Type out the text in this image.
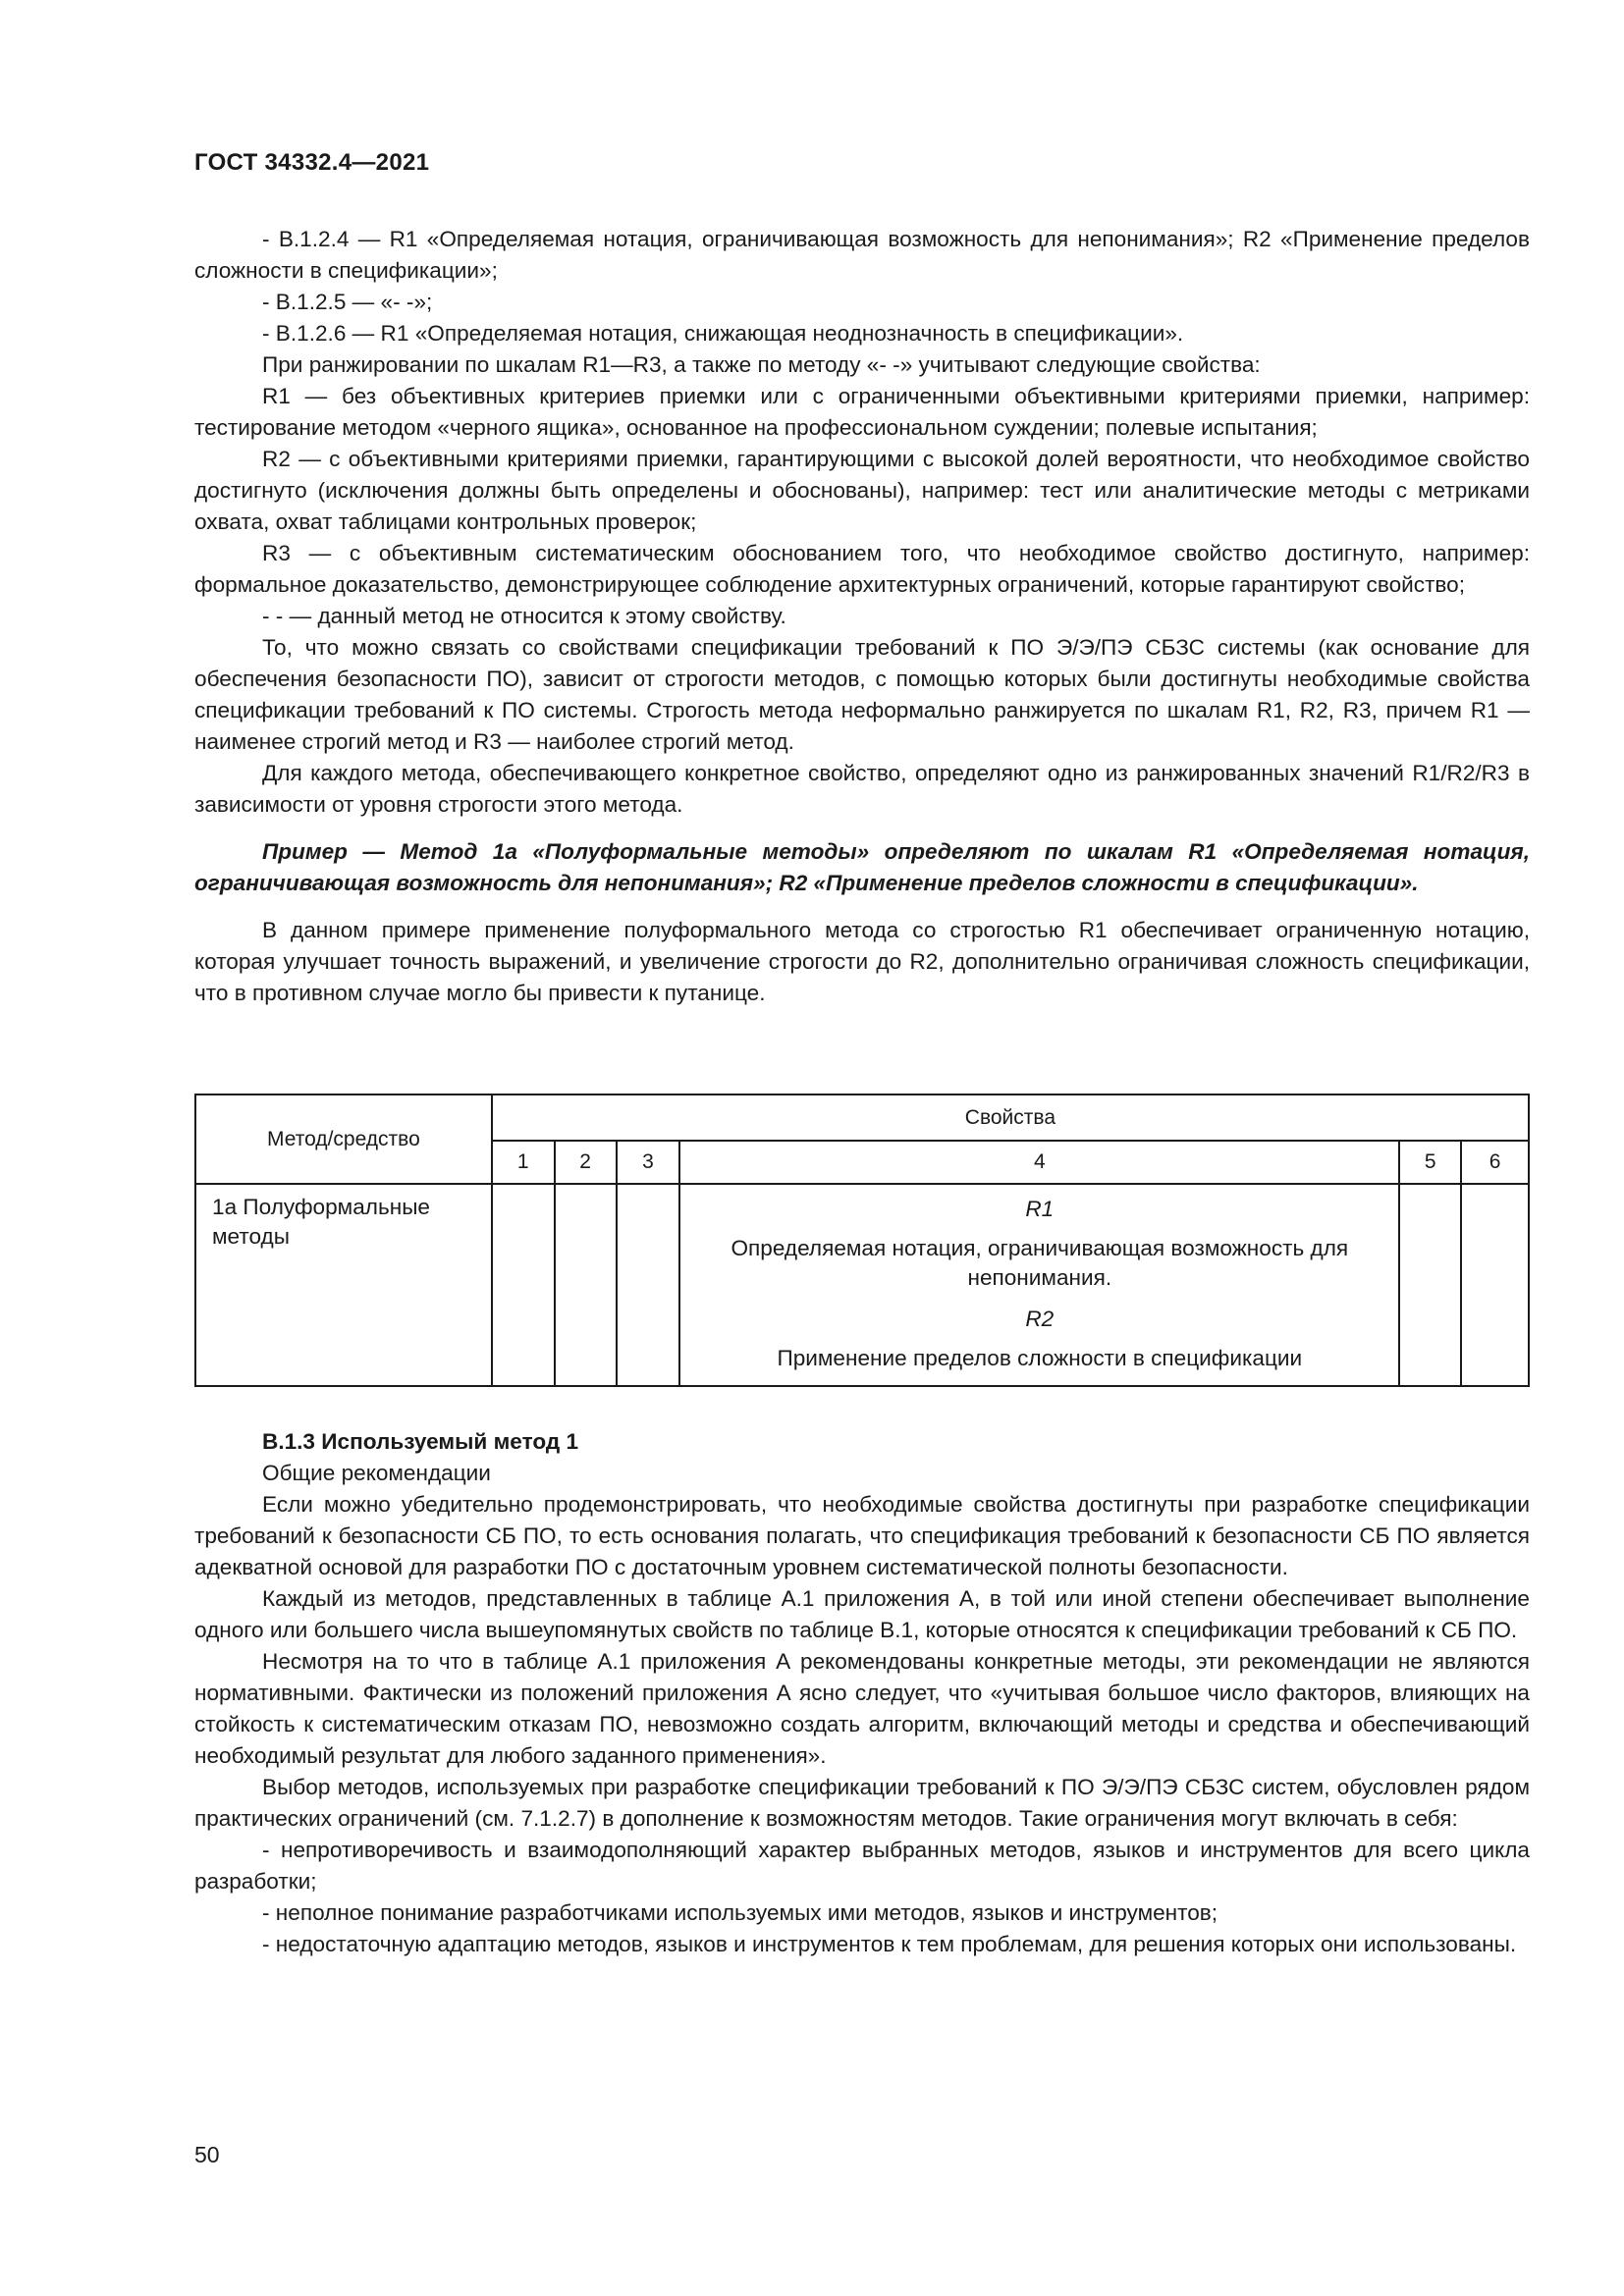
ГОСТ 34332.4—2021

- B.1.2.4 — R1 «Определяемая нотация, ограничивающая возможность для непонимания»; R2 «Применение пределов сложности в спецификации»;

- B.1.2.5 — «- -»;

- B.1.2.6 — R1 «Определяемая нотация, снижающая неоднозначность в спецификации».

При ранжировании по шкалам R1—R3, а также по методу «- -» учитывают следующие свойства:

R1 — без объективных критериев приемки или с ограниченными объективными критериями приемки, например: тестирование методом «черного ящика», основанное на профессиональном суждении; полевые испытания;

R2 — с объективными критериями приемки, гарантирующими с высокой долей вероятности, что необходимое свойство достигнуто (исключения должны быть определены и обоснованы), например: тест или аналитические методы с метриками охвата, охват таблицами контрольных проверок;

R3 — с объективным систематическим обоснованием того, что необходимое свойство достигнуто, например: формальное доказательство, демонстрирующее соблюдение архитектурных ограничений, которые гарантируют свойство;

- - — данный метод не относится к этому свойству.

То, что можно связать со свойствами спецификации требований к ПО Э/Э/ПЭ СБЗС системы (как основание для обеспечения безопасности ПО), зависит от строгости методов, с помощью которых были достигнуты необходимые свойства спецификации требований к ПО системы. Строгость метода неформально ранжируется по шкалам R1, R2, R3, причем R1 — наименее строгий метод и R3 — наиболее строгий метод.

Для каждого метода, обеспечивающего конкретное свойство, определяют одно из ранжированных значений R1/R2/R3 в зависимости от уровня строгости этого метода.

Пример — Метод 1а «Полуформальные методы» определяют по шкалам R1 «Определяемая нотация, ограничивающая возможность для непонимания»; R2 «Применение пределов сложности в спецификации».

В данном примере применение полуформального метода со строгостью R1 обеспечивает ограниченную нотацию, которая улучшает точность выражений, и увеличение строгости до R2, дополнительно ограничивая сложность спецификации, что в противном случае могло бы привести к путанице.

Метод/средство	Свойства					
	1	2	3	4	5	6
1а Полуформальные методы				R1
Определяемая нотация, ограничивающая возможность для непонимания.
R2
Применение пределов сложности в спецификации		

B.1.3 Используемый метод 1

Общие рекомендации

Если можно убедительно продемонстрировать, что необходимые свойства достигнуты при разработке спецификации требований к безопасности СБ ПО, то есть основания полагать, что спецификация требований к безопасности СБ ПО является адекватной основой для разработки ПО с достаточным уровнем систематической полноты безопасности.

Каждый из методов, представленных в таблице А.1 приложения А, в той или иной степени обеспечивает выполнение одного или большего числа вышеупомянутых свойств по таблице В.1, которые относятся к спецификации требований к СБ ПО.

Несмотря на то что в таблице А.1 приложения А рекомендованы конкретные методы, эти рекомендации не являются нормативными. Фактически из положений приложения А ясно следует, что «учитывая большое число факторов, влияющих на стойкость к систематическим отказам ПО, невозможно создать алгоритм, включающий методы и средства и обеспечивающий необходимый результат для любого заданного применения».

Выбор методов, используемых при разработке спецификации требований к ПО Э/Э/ПЭ СБЗС систем, обусловлен рядом практических ограничений (см. 7.1.2.7) в дополнение к возможностям методов. Такие ограничения могут включать в себя:

- непротиворечивость и взаимодополняющий характер выбранных методов, языков и инструментов для всего цикла разработки;

- неполное понимание разработчиками используемых ими методов, языков и инструментов;

- недостаточную адаптацию методов, языков и инструментов к тем проблемам, для решения которых они использованы.

50
